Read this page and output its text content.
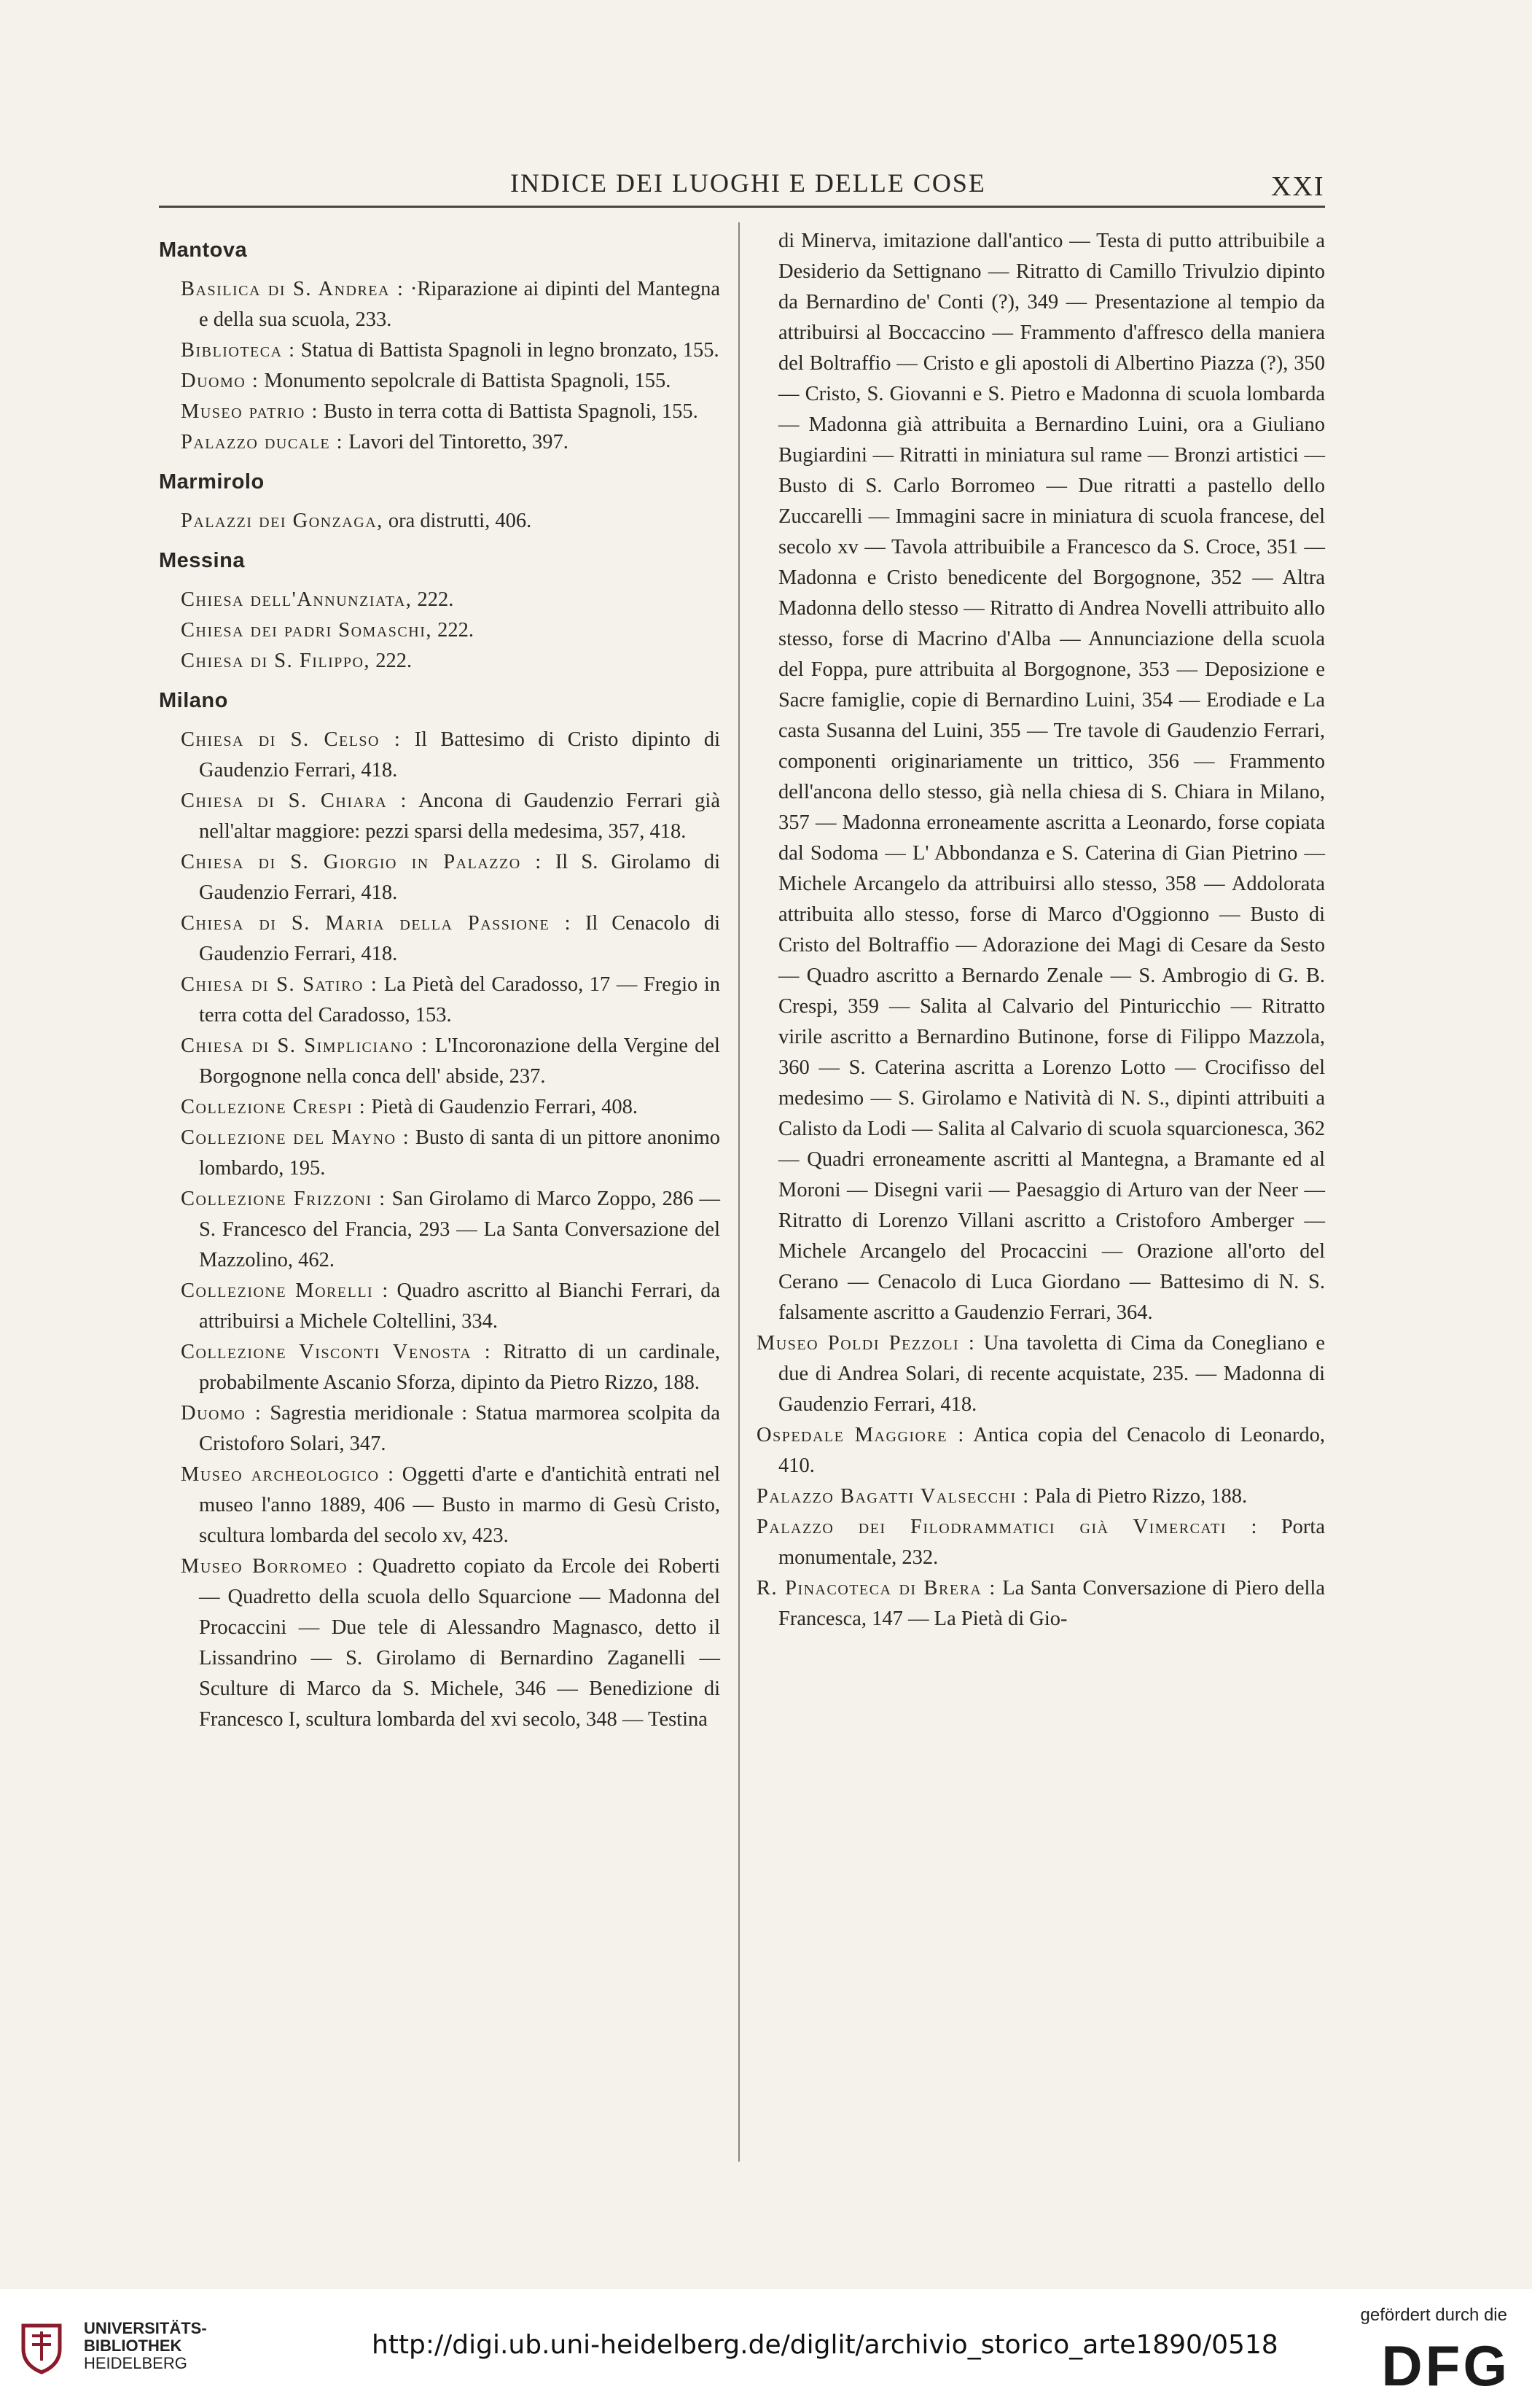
INDICE DEI LUOGHI E DELLE COSE	XXI
Mantova

Basilica di S. Andrea : ·Riparazione ai dipinti del Mantegna e della sua scuola, 233.

Biblioteca : Statua di Battista Spagnoli in legno bronzato, 155.

Duomo : Monumento sepolcrale di Battista Spagnoli, 155.

Museo patrio : Busto in terra cotta di Battista Spagnoli, 155.

Palazzo ducale : Lavori del Tintoretto, 397.

Marmirolo

Palazzi dei Gonzaga, ora distrutti, 406.

Messina

Chiesa dell'Annunziata, 222.

Chiesa dei padri Somaschi, 222.

Chiesa di S. Filippo, 222.

Milano

Chiesa di S. Celso : Il Battesimo di Cristo dipinto di Gaudenzio Ferrari, 418.

Chiesa di S. Chiara : Ancona di Gaudenzio Ferrari già nell'altar maggiore: pezzi sparsi della medesima, 357, 418.

Chiesa di S. Giorgio in Palazzo : Il S. Girolamo di Gaudenzio Ferrari, 418.

Chiesa di S. Maria della Passione : Il Cenacolo di Gaudenzio Ferrari, 418.

Chiesa di S. Satiro : La Pietà del Caradosso, 17 — Fregio in terra cotta del Caradosso, 153.

Chiesa di S. Simpliciano : L'Incoronazione della Vergine del Borgognone nella conca dell' abside, 237.

Collezione Crespi : Pietà di Gaudenzio Ferrari, 408.

Collezione del Mayno : Busto di santa di un pittore anonimo lombardo, 195.

Collezione Frizzoni : San Girolamo di Marco Zoppo, 286 — S. Francesco del Francia, 293 — La Santa Conversazione del Mazzolino, 462.

Collezione Morelli : Quadro ascritto al Bianchi Ferrari, da attribuirsi a Michele Coltellini, 334.

Collezione Visconti Venosta : Ritratto di un cardinale, probabilmente Ascanio Sforza, dipinto da Pietro Rizzo, 188.

Duomo : Sagrestia meridionale : Statua marmorea scolpita da Cristoforo Solari, 347.

Museo archeologico : Oggetti d'arte e d'antichità entrati nel museo l'anno 1889, 406 — Busto in marmo di Gesù Cristo, scultura lombarda del secolo xv, 423.

Museo Borromeo : Quadretto copiato da Ercole dei Roberti — Quadretto della scuola dello Squarcione — Madonna del Procaccini — Due tele di Alessandro Magnasco, detto il Lissandrino — S. Girolamo di Bernardino Zaganelli — Sculture di Marco da S. Michele, 346 — Benedizione di Francesco I, scultura lombarda del xvi secolo, 348 — Testina

di Minerva, imitazione dall'antico — Testa di putto attribuibile a Desiderio da Settignano — Ritratto di Camillo Trivulzio dipinto da Bernardino de' Conti (?), 349 — Presentazione al tempio da attribuirsi al Boccaccino — Frammento d'affresco della maniera del Boltraffio — Cristo e gli apostoli di Albertino Piazza (?), 350 — Cristo, S. Giovanni e S. Pietro e Madonna di scuola lombarda — Madonna già attribuita a Bernardino Luini, ora a Giuliano Bugiardini — Ritratti in miniatura sul rame — Bronzi artistici — Busto di S. Carlo Borromeo — Due ritratti a pastello dello Zuccarelli — Immagini sacre in miniatura di scuola francese, del secolo xv — Tavola attribuibile a Francesco da S. Croce, 351 — Madonna e Cristo benedicente del Borgognone, 352 — Altra Madonna dello stesso — Ritratto di Andrea Novelli attribuito allo stesso, forse di Macrino d'Alba — Annunciazione della scuola del Foppa, pure attribuita al Borgognone, 353 — Deposizione e Sacre famiglie, copie di Bernardino Luini, 354 — Erodiade e La casta Susanna del Luini, 355 — Tre tavole di Gaudenzio Ferrari, componenti originariamente un trittico, 356 — Frammento dell'ancona dello stesso, già nella chiesa di S. Chiara in Milano, 357 — Madonna erroneamente ascritta a Leonardo, forse copiata dal Sodoma — L' Abbondanza e S. Caterina di Gian Pietrino — Michele Arcangelo da attribuirsi allo stesso, 358 — Addolorata attribuita allo stesso, forse di Marco d'Oggionno — Busto di Cristo del Boltraffio — Adorazione dei Magi di Cesare da Sesto — Quadro ascritto a Bernardo Zenale — S. Ambrogio di G. B. Crespi, 359 — Salita al Calvario del Pinturicchio — Ritratto virile ascritto a Bernardino Butinone, forse di Filippo Mazzola, 360 — S. Caterina ascritta a Lorenzo Lotto — Crocifisso del medesimo — S. Girolamo e Natività di N. S., dipinti attribuiti a Calisto da Lodi — Salita al Calvario di scuola squarcionesca, 362 — Quadri erroneamente ascritti al Mantegna, a Bramante ed al Moroni — Disegni varii — Paesaggio di Arturo van der Neer — Ritratto di Lorenzo Villani ascritto a Cristoforo Amberger — Michele Arcangelo del Procaccini — Orazione all'orto del Cerano — Cenacolo di Luca Giordano — Battesimo di N. S. falsamente ascritto a Gaudenzio Ferrari, 364.

Museo Poldi Pezzoli : Una tavoletta di Cima da Conegliano e due di Andrea Solari, di recente acquistate, 235. — Madonna di Gaudenzio Ferrari, 418.

Ospedale Maggiore : Antica copia del Cenacolo di Leonardo, 410.

Palazzo Bagatti Valsecchi : Pala di Pietro Rizzo, 188.

Palazzo dei Filodrammatici già Vimercati : Porta monumentale, 232.

R. Pinacoteca di Brera : La Santa Conversazione di Piero della Francesca, 147 — La Pietà di Gio-

UNIVERSITÄTS-
BIBLIOTHEK
HEIDELBERG
http://digi.ub.uni-heidelberg.de/diglit/archivio_storico_arte1890/0518
gefördert durch die
DFG
